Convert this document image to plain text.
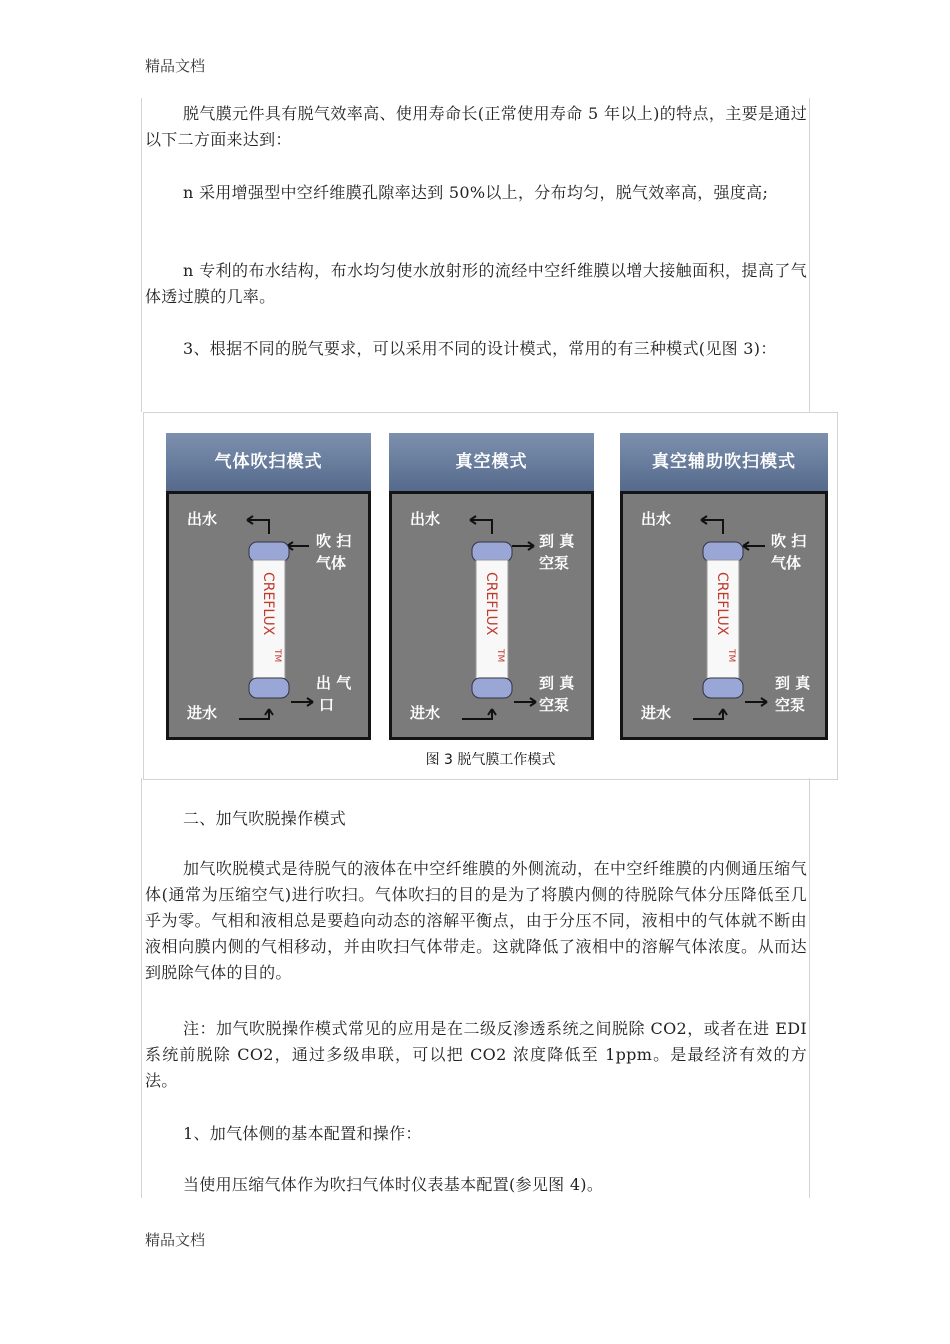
精品文档
脱气膜元件具有脱气效率高、使用寿命长(正常使用寿命 5 年以上)的特点，主要是通过以下二方面来达到：
n 采用增强型中空纤维膜孔隙率达到 50%以上，分布均匀，脱气效率高，强度高;
n 专利的布水结构，布水均匀使水放射形的流经中空纤维膜以增大接触面积，提高了气体透过膜的几率。
3、根据不同的脱气要求，可以采用不同的设计模式，常用的有三种模式(见图 3)：
气体吹扫模式
CREFLUX
TM
出水
吹 扫
气体
出 气
口
进水
真空模式
CREFLUX
TM
出水
到 真
空泵
到 真
空泵
进水
真空辅助吹扫模式
CREFLUX
TM
出水
吹 扫
气体
到 真
空泵
进水
图 3 脱气膜工作模式
二、加气吹脱操作模式
加气吹脱模式是待脱气的液体在中空纤维膜的外侧流动，在中空纤维膜的内侧通压缩气体(通常为压缩空气)进行吹扫。气体吹扫的目的是为了将膜内侧的待脱除气体分压降低至几乎为零。气相和液相总是要趋向动态的溶解平衡点，由于分压不同，液相中的气体就不断由液相向膜内侧的气相移动，并由吹扫气体带走。这就降低了液相中的溶解气体浓度。从而达到脱除气体的目的。
注：加气吹脱操作模式常见的应用是在二级反渗透系统之间脱除 CO2，或者在进 EDI 系统前脱除 CO2，通过多级串联，可以把 CO2 浓度降低至 1ppm。是最经济有效的方法。
1、加气体侧的基本配置和操作：
当使用压缩气体作为吹扫气体时仪表基本配置(参见图 4)。
精品文档
